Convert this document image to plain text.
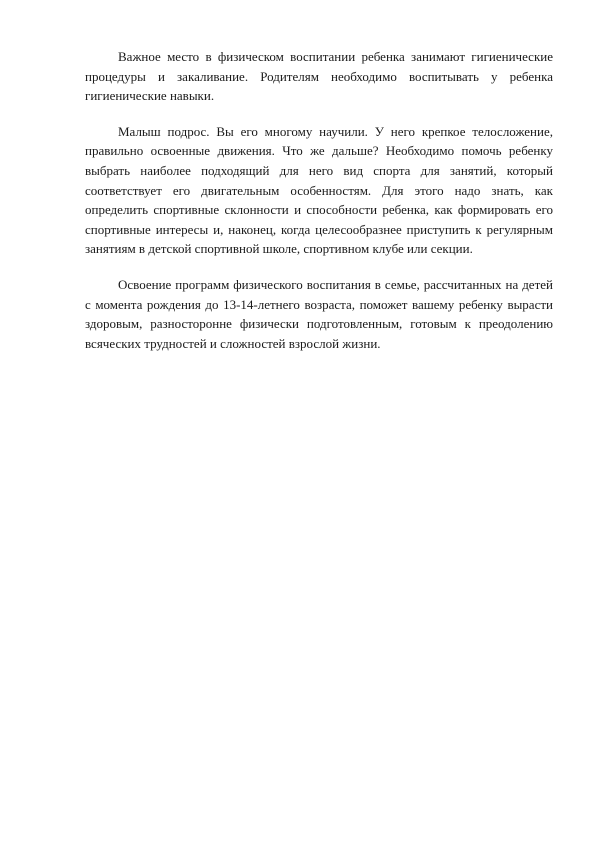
Важное место в физическом воспитании ребенка занимают гигиенические процедуры и закаливание. Родителям необходимо воспитывать у ребенка гигиенические навыки.

Малыш подрос. Вы его многому научили. У него крепкое телосложение, правильно освоенные движения. Что же дальше? Необходимо помочь ребенку выбрать наиболее подходящий для него вид спорта для занятий, который соответствует его двигательным особенностям. Для этого надо знать, как определить спортивные склонности и способности ребенка, как формировать его спортивные интересы и, наконец, когда целесообразнее приступить к регулярным занятиям в детской спортивной школе, спортивном клубе или секции.

Освоение программ физического воспитания в семье, рассчитанных на детей с момента рождения до 13-14-летнего возраста, поможет вашему ребенку вырасти здоровым, разносторонне физически подготовленным, готовым к преодолению всяческих трудностей и сложностей взрослой жизни.
